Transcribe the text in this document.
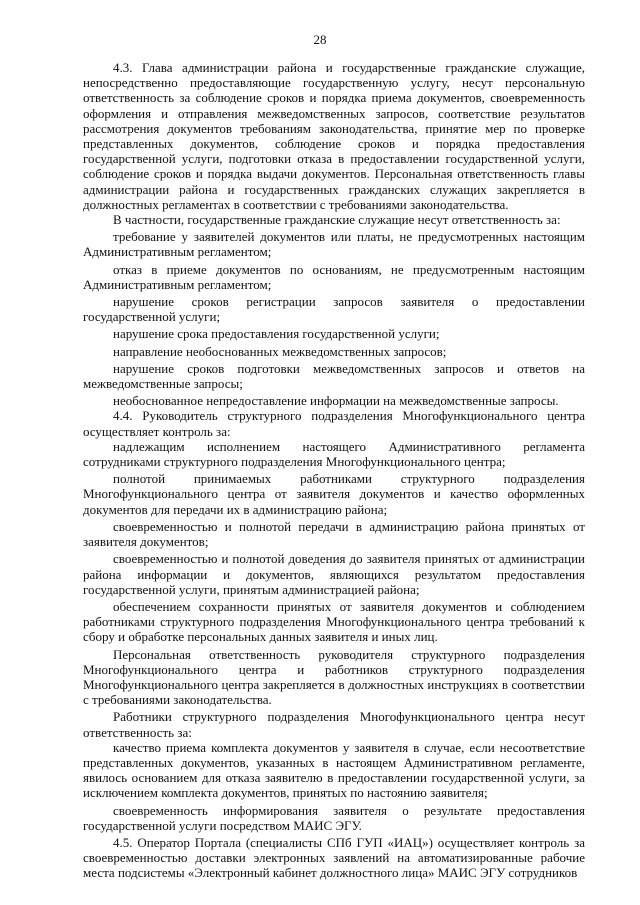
28

4.3. Глава администрации района и государственные гражданские служащие, непосредственно предоставляющие государственную услугу, несут персональную ответственность за соблюдение сроков и порядка приема документов, своевременность оформления и отправления межведомственных запросов, соответствие результатов рассмотрения документов требованиям законодательства, принятие мер по проверке представленных документов, соблюдение сроков и порядка предоставления государственной услуги, подготовки отказа в предоставлении государственной услуги, соблюдение сроков и порядка выдачи документов. Персональная ответственность главы администрации района и государственных гражданских служащих закрепляется в должностных регламентах в соответствии с требованиями законодательства.

В частности, государственные гражданские служащие несут ответственность за:

требование у заявителей документов или платы, не предусмотренных настоящим Административным регламентом;

отказ в приеме документов по основаниям, не предусмотренным настоящим Административным регламентом;

нарушение сроков регистрации запросов заявителя о предоставлении государственной услуги;

нарушение срока предоставления государственной услуги;

направление необоснованных межведомственных запросов;

нарушение сроков подготовки межведомственных запросов и ответов на межведомственные запросы;

необоснованное непредоставление информации на межведомственные запросы.

4.4. Руководитель структурного подразделения Многофункционального центра осуществляет контроль за:

надлежащим исполнением настоящего Административного регламента сотрудниками структурного подразделения Многофункционального центра;

полнотой принимаемых работниками структурного подразделения Многофункционального центра от заявителя документов и качество оформленных документов для передачи их в администрацию района;

своевременностью и полнотой передачи в администрацию района принятых от заявителя документов;

своевременностью и полнотой доведения до заявителя принятых от администрации района информации и документов, являющихся результатом предоставления государственной услуги, принятым администрацией района;

обеспечением сохранности принятых от заявителя документов и соблюдением работниками структурного подразделения Многофункционального центра требований к сбору и обработке персональных данных заявителя и иных лиц.

Персональная ответственность руководителя структурного подразделения Многофункционального центра и работников структурного подразделения Многофункционального центра закрепляется в должностных инструкциях в соответствии с требованиями законодательства.

Работники структурного подразделения Многофункционального центра несут ответственность за:

качество приема комплекта документов у заявителя в случае, если несоответствие представленных документов, указанных в настоящем Административном регламенте, явилось основанием для отказа заявителю в предоставлении государственной услуги, за исключением комплекта документов, принятых по настоянию заявителя;

своевременность информирования заявителя о результате предоставления государственной услуги посредством МАИС ЭГУ.

4.5. Оператор Портала (специалисты СПб ГУП «ИАЦ») осуществляет контроль за своевременностью доставки электронных заявлений на автоматизированные рабочие места подсистемы «Электронный кабинет должностного лица» МАИС ЭГУ сотрудников
